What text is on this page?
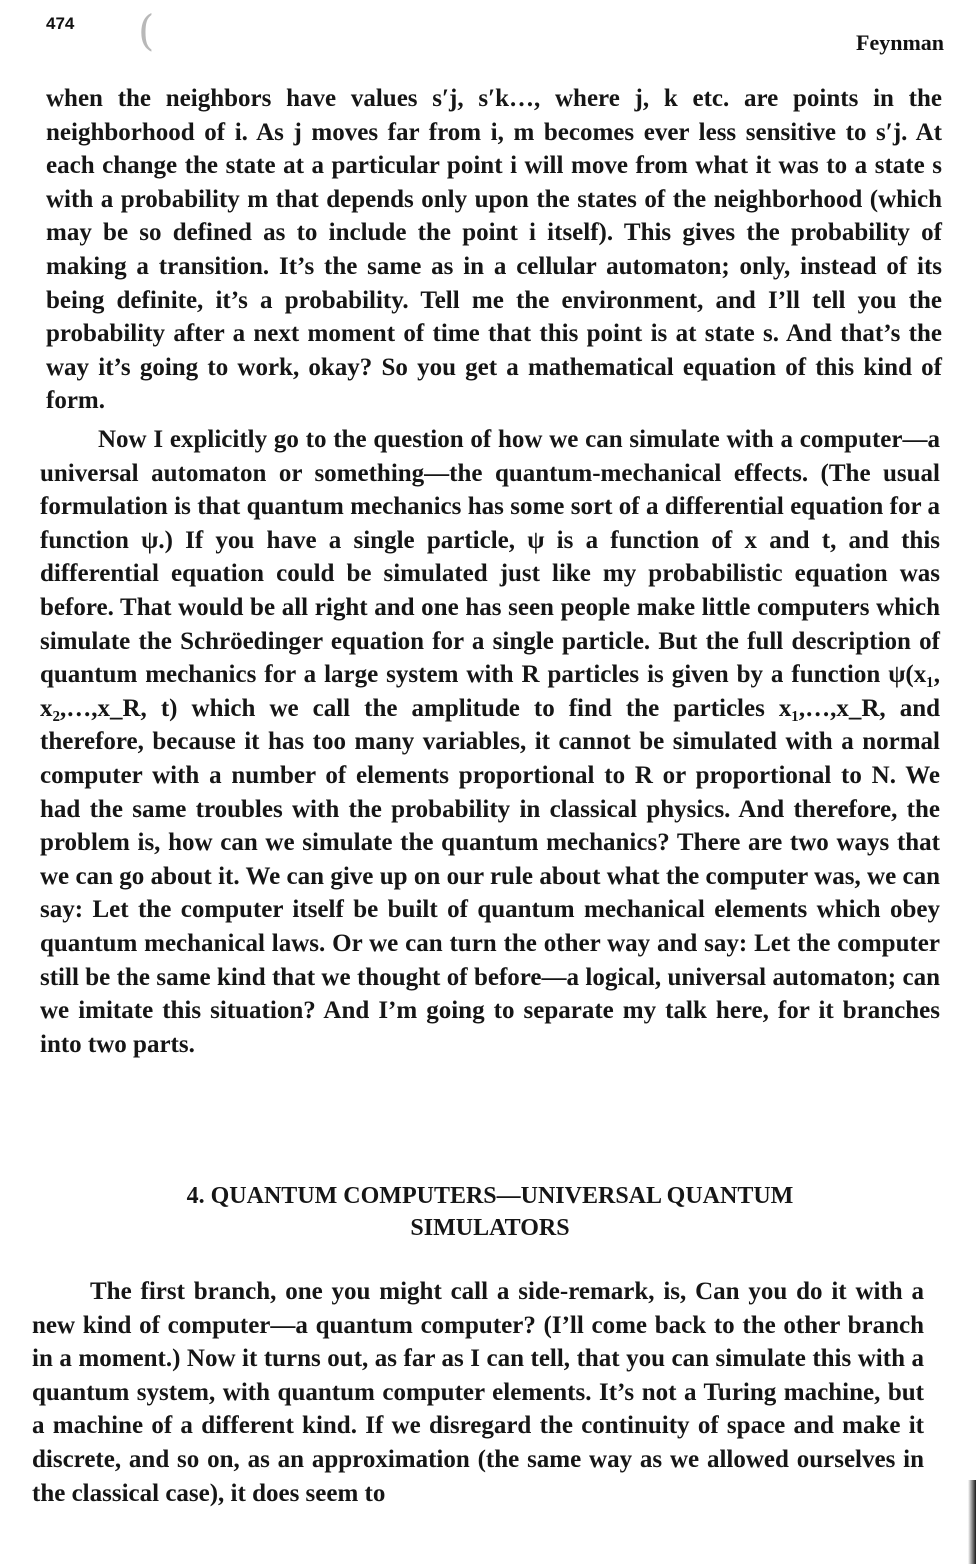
474 (	Feynman

when the neighbors have values s′j, s′k…, where j, k etc. are points in the neighborhood of i. As j moves far from i, m becomes ever less sensitive to s′j. At each change the state at a particular point i will move from what it was to a state s with a probability m that depends only upon the states of the neighborhood (which may be so defined as to include the point i itself). This gives the probability of making a transition. It’s the same as in a cellular automaton; only, instead of its being definite, it’s a probability. Tell me the environment, and I’ll tell you the probability after a next moment of time that this point is at state s. And that’s the way it’s going to work, okay? So you get a mathematical equation of this kind of form.

Now I explicitly go to the question of how we can simulate with a computer—a universal automaton or something—the quantum-mechanical effects. (The usual formulation is that quantum mechanics has some sort of a differential equation for a function ψ.) If you have a single particle, ψ is a function of x and t, and this differential equation could be simulated just like my probabilistic equation was before. That would be all right and one has seen people make little computers which simulate the Schröedinger equation for a single particle. But the full description of quantum mechanics for a large system with R particles is given by a function ψ(x₁, x₂,…,x_R, t) which we call the amplitude to find the particles x₁,…,x_R, and therefore, because it has too many variables, it cannot be simulated with a normal computer with a number of elements proportional to R or proportional to N. We had the same troubles with the probability in classical physics. And therefore, the problem is, how can we simulate the quantum mechanics? There are two ways that we can go about it. We can give up on our rule about what the computer was, we can say: Let the computer itself be built of quantum mechanical elements which obey quantum mechanical laws. Or we can turn the other way and say: Let the computer still be the same kind that we thought of before—a logical, universal automaton; can we imitate this situation? And I’m going to separate my talk here, for it branches into two parts.

4. QUANTUM COMPUTERS—UNIVERSAL QUANTUM
SIMULATORS

The first branch, one you might call a side-remark, is, Can you do it with a new kind of computer—a quantum computer? (I’ll come back to the other branch in a moment.) Now it turns out, as far as I can tell, that you can simulate this with a quantum system, with quantum computer elements. It’s not a Turing machine, but a machine of a different kind. If we disregard the continuity of space and make it discrete, and so on, as an approximation (the same way as we allowed ourselves in the classical case), it does seem to
